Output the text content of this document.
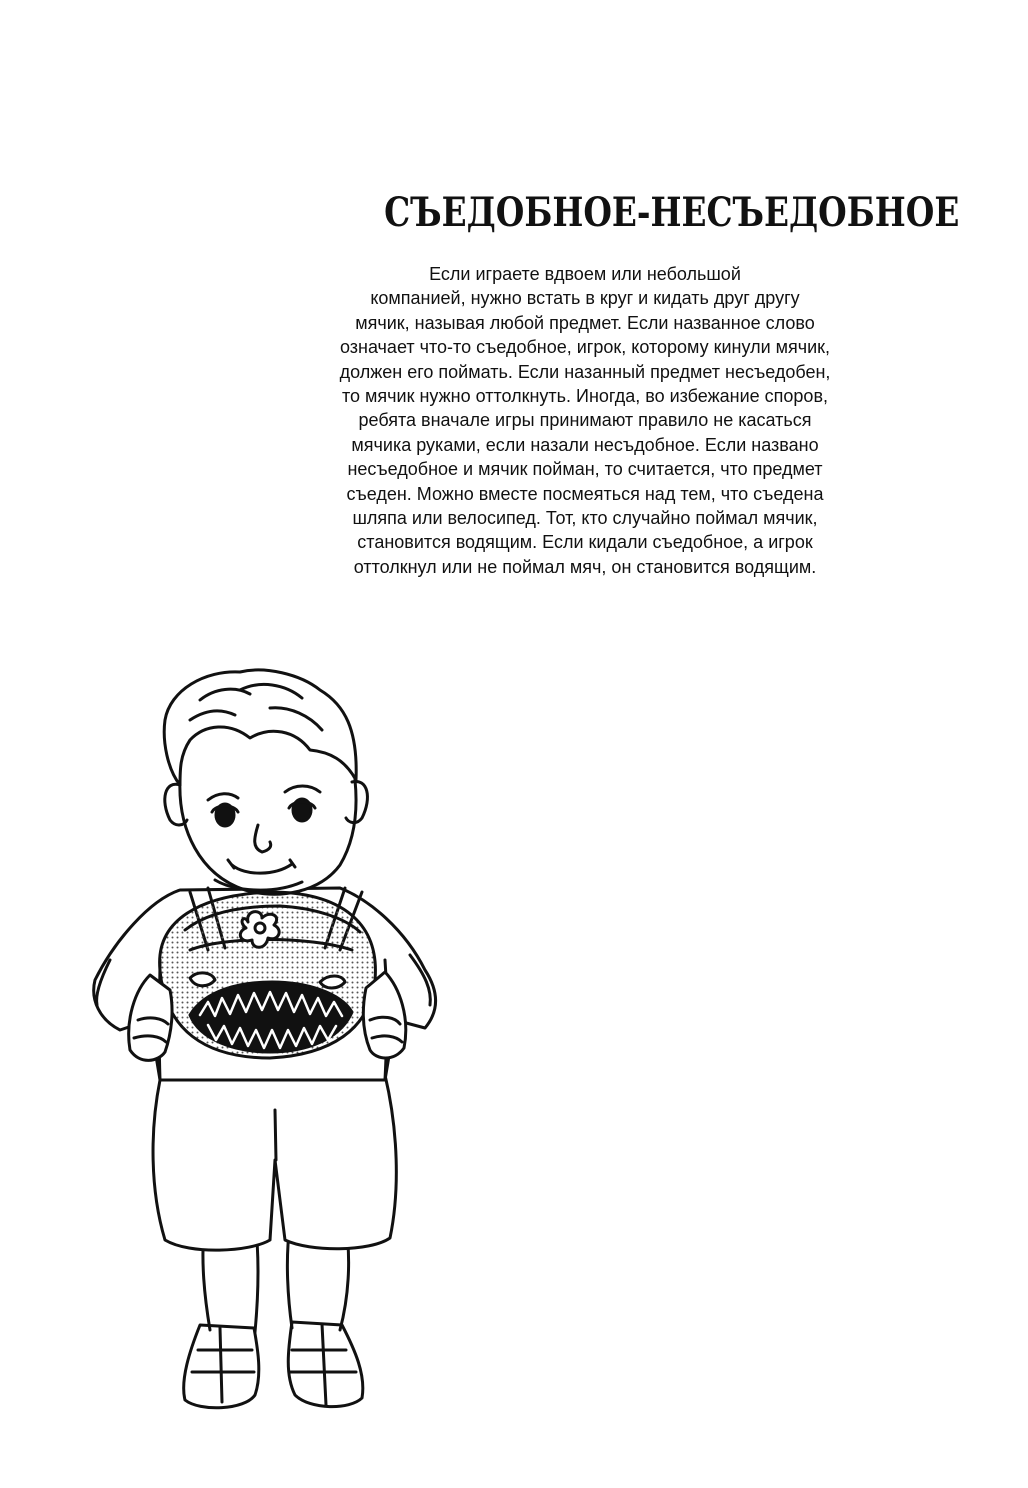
СЪЕДОБНОЕ-НЕСЪЕДОБНОЕ
Если играете вдвоем или небольшой
компанией, нужно встать в круг и кидать друг другу
мячик, называя любой предмет. Если названное слово
означает что-то съедобное, игрок, которому кинули мячик,
должен его поймать. Если назанный предмет несъедобен,
то мячик нужно оттолкнуть. Иногда, во избежание споров,
ребята вначале игры принимают правило не касаться
мячика руками, если назали несъдобное. Если названо
несъедобное и мячик пойман, то считается, что предмет
съеден. Можно вместе посмеяться над тем, что съедена
шляпа или велосипед. Тот, кто случайно поймал мячик,
становится водящим. Если кидали съедобное, а игрок
оттолкнул или не поймал мяч, он становится водящим.
